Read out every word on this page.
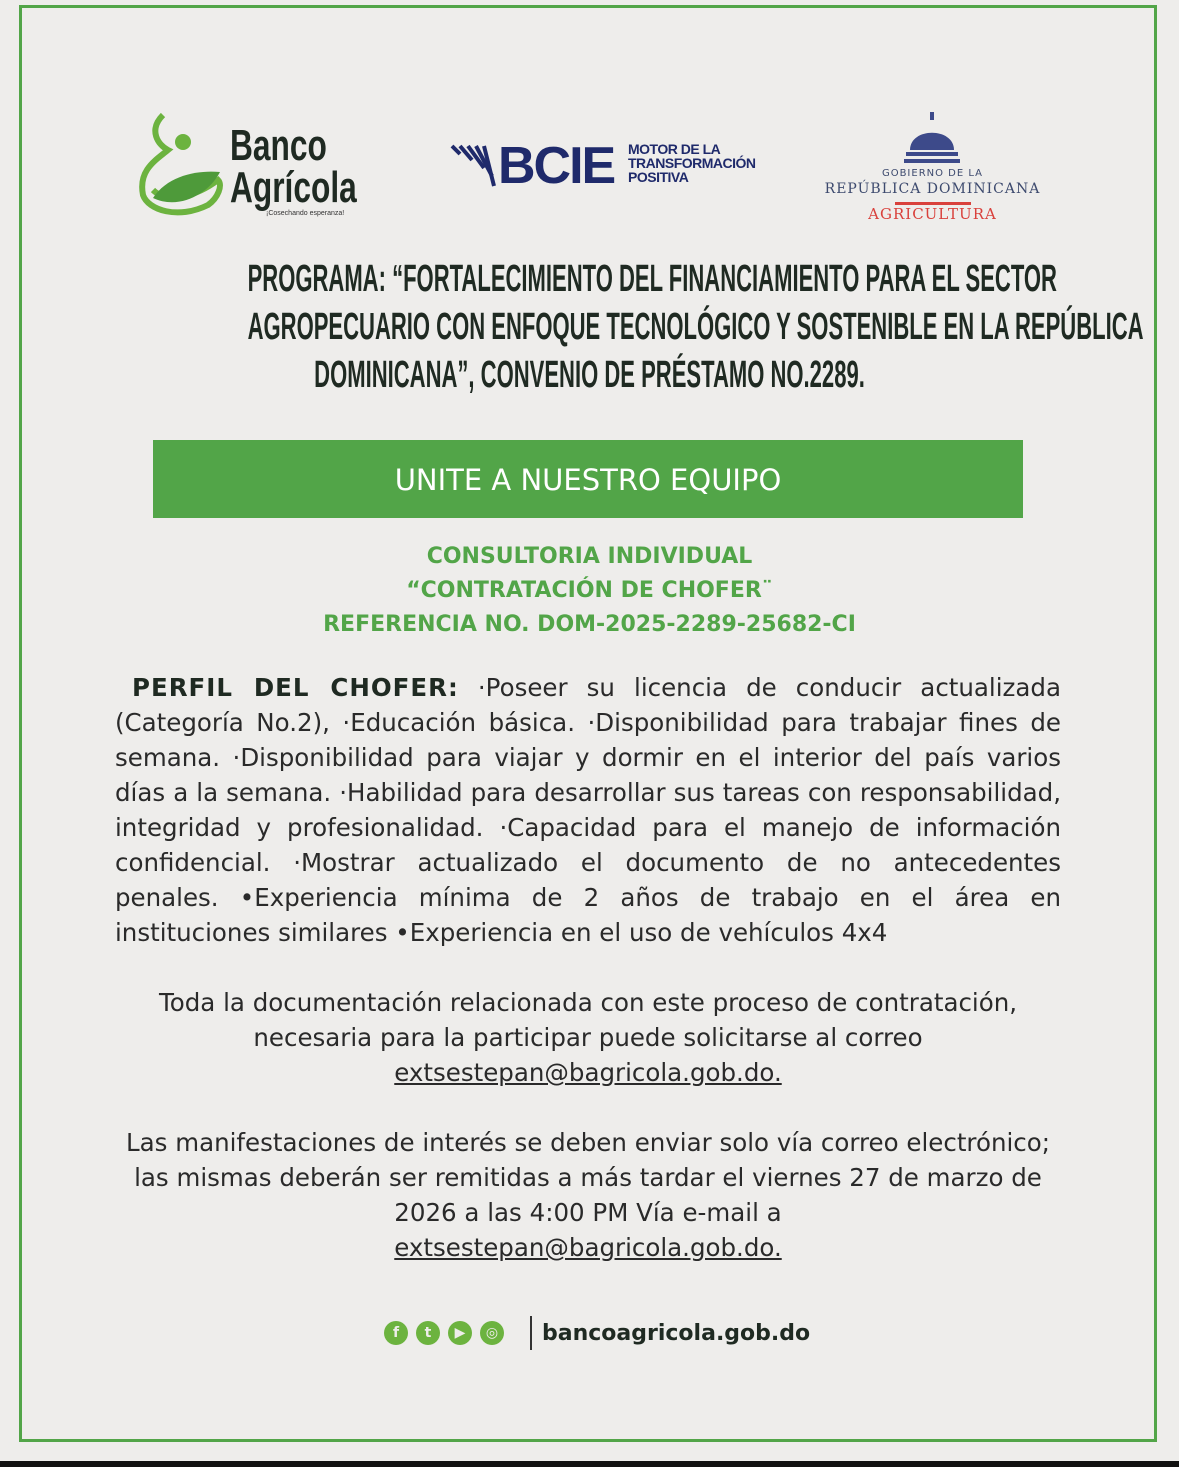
Banco
Agrícola
¡Cosechando esperanza!
BCIE MOTOR DE LA
TRANSFORMACIÓN
POSITIVA	GOBIERNO DE LA
REPÚBLICA DOMINICANA
AGRICULTURA
PROGRAMA: “FORTALECIMIENTO DEL FINANCIAMIENTO PARA EL SECTOR
AGROPECUARIO CON ENFOQUE TECNOLÓGICO Y SOSTENIBLE EN LA REPÚBLICA
DOMINICANA”, CONVENIO DE PRÉSTAMO NO.2289.
UNITE A NUESTRO EQUIPO
CONSULTORIA INDIVIDUAL
“CONTRATACIÓN DE CHOFER¨
REFERENCIA NO. DOM-2025-2289-25682-CI
PERFIL DEL CHOFER: ·Poseer su licencia de conducir actualizada (Categoría No.2), ·Educación básica. ·Disponibilidad para trabajar fines de semana. ·Disponibilidad para viajar y dormir en el interior del país varios días a la semana. ·Habilidad para desarrollar sus tareas con responsabilidad, integridad y profesionalidad. ·Capacidad para el manejo de información confidencial. ·Mostrar actualizado el documento de no antecedentes penales. •Experiencia mínima de 2 años de trabajo en el área en instituciones similares •Experiencia en el uso de vehículos 4x4
Toda la documentación relacionada con este proceso de contratación, necesaria para la participar puede solicitarse al correo
extsestepan@bagricola.gob.do.
Las manifestaciones de interés se deben enviar solo vía correo electrónico; las mismas deberán ser remitidas a más tardar el viernes 27 de marzo de 2026 a las 4:00 PM Vía e-mail a
extsestepan@bagricola.gob.do.
f	t	▶	◎ bancoagricola.gob.do
